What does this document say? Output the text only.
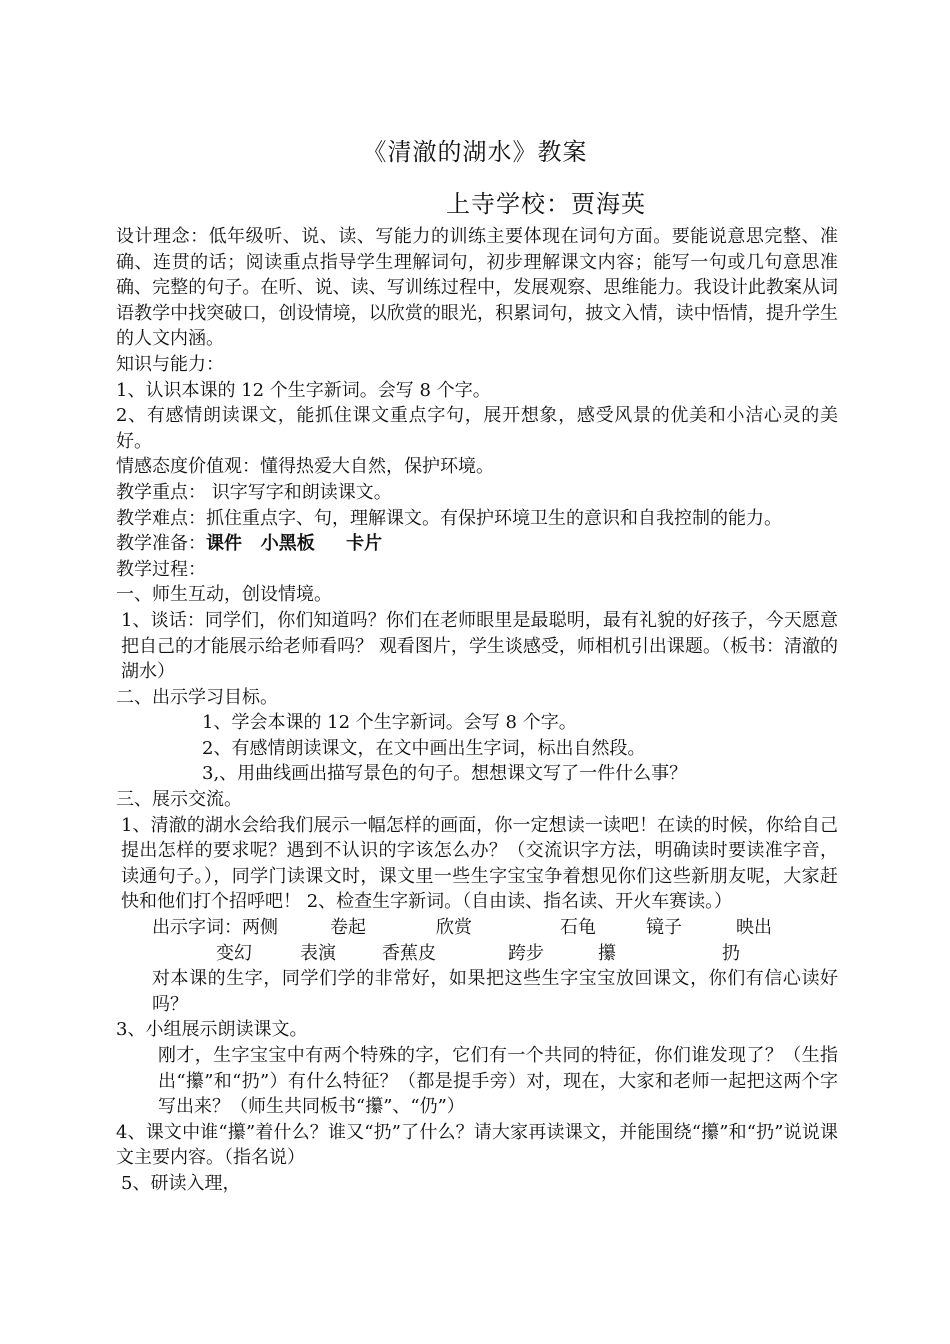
《清澈的湖水》教案
上寺学校：贾海英

设计理念：低年级听、说、读、写能力的训练主要体现在词句方面。要能说意思完整、准确、连贯的话；阅读重点指导学生理解词句，初步理解课文内容；能写一句或几句意思准确、完整的句子。在听、说、读、写训练过程中，发展观察、思维能力。我设计此教案从词语教学中找突破口，创设情境，以欣赏的眼光，积累词句，披文入情，读中悟情，提升学生的人文内涵。

知识与能力：

1、认识本课的 12 个生字新词。会写 8 个字。

2、有感情朗读课文，能抓住课文重点字句，展开想象，感受风景的优美和小洁心灵的美好。

情感态度价值观：懂得热爱大自然，保护环境。

教学重点： 识字写字和朗读课文。

教学难点：抓住重点字、句，理解课文。有保护环境卫生的意识和自我控制的能力。

教学准备：课件   小黑板     卡片

教学过程：

一、师生互动，创设情境。

1、谈话：同学们，你们知道吗？你们在老师眼里是最聪明，最有礼貌的好孩子，今天愿意把自己的才能展示给老师看吗？ 观看图片，学生谈感受，师相机引出课题。（板书：清澈的湖水）

二、出示学习目标。

1、学会本课的 12 个生字新词。会写 8 个字。

2、有感情朗读课文，在文中画出生字词，标出自然段。

3,、用曲线画出描写景色的句子。想想课文写了一件什么事？

三、展示交流。

1、清澈的湖水会给我们展示一幅怎样的画面，你一定想读一读吧！在读的时候，你给自己提出怎样的要求呢？遇到不认识的字该怎么办？（交流识字方法，明确读时要读准字音，读通句子。），同学门读课文时，课文里一些生字宝宝争着想见你们这些新朋友呢，大家赶快和他们打个招呼吧！ 2、检查生字新词。（自由读、指名读、开火车赛读。）

出示字词：两侧	卷起	欣赏	石龟	镜子	映出
变幻	表演	香蕉皮	跨步	攥	扔

对本课的生字，同学们学的非常好，如果把这些生字宝宝放回课文，你们有信心读好吗？

3、小组展示朗读课文。

刚才，生字宝宝中有两个特殊的字，它们有一个共同的特征，你们谁发现了？（生指出“攥”和“扔”）有什么特征？（都是提手旁）对，现在，大家和老师一起把这两个字写出来？（师生共同板书“攥”、“仍”）

4、课文中谁“攥”着什么？谁又“扔”了什么？请大家再读课文，并能围绕“攥”和“扔”说说课文主要内容。（指名说）

5、研读入理，
